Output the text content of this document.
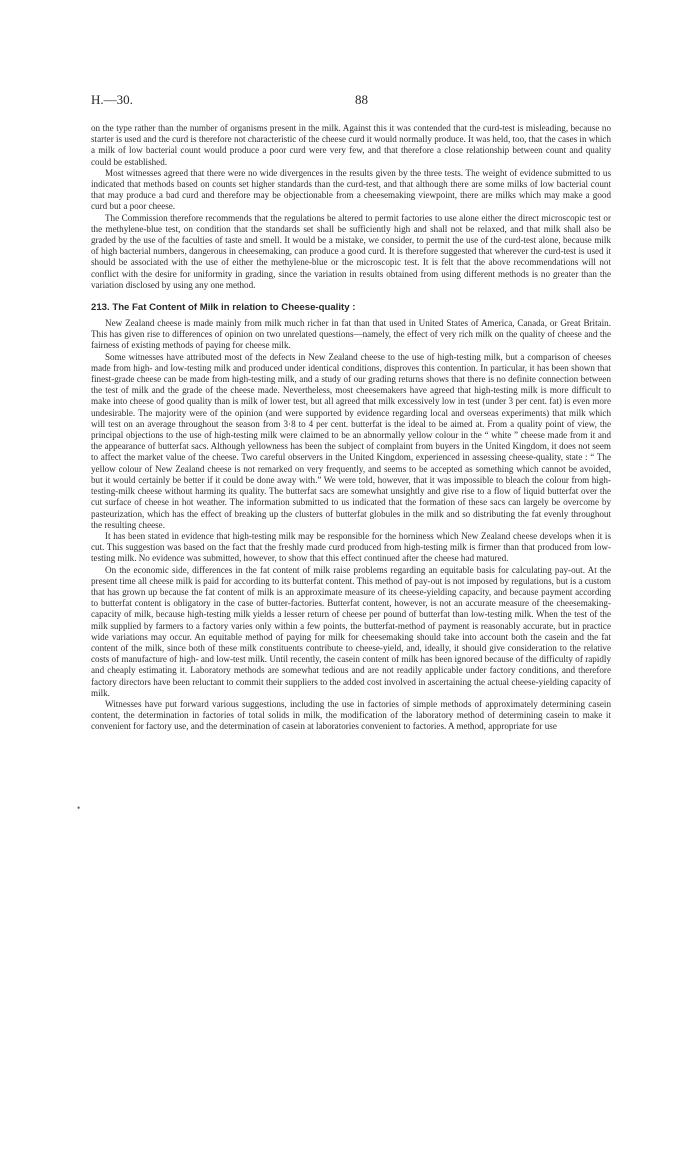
H.—30.	88
•

on the type rather than the number of organisms present in the milk. Against this it was contended that the curd-test is misleading, because no starter is used and the curd is therefore not characteristic of the cheese curd it would normally produce. It was held, too, that the cases in which a milk of low bacterial count would produce a poor curd were very few, and that therefore a close relationship between count and quality could be established.

Most witnesses agreed that there were no wide divergences in the results given by the three tests. The weight of evidence submitted to us indicated that methods based on counts set higher standards than the curd-test, and that although there are some milks of low bacterial count that may produce a bad curd and therefore may be objectionable from a cheesemaking viewpoint, there are milks which may make a good curd but a poor cheese.

The Commission therefore recommends that the regulations be altered to permit factories to use alone either the direct microscopic test or the methylene-blue test, on condition that the standards set shall be sufficiently high and shall not be relaxed, and that milk shall also be graded by the use of the faculties of taste and smell. It would be a mistake, we consider, to permit the use of the curd-test alone, because milk of high bacterial numbers, dangerous in cheesemaking, can produce a good curd. It is therefore suggested that wherever the curd-test is used it should be associated with the use of either the methylene-blue or the microscopic test. It is felt that the above recommendations will not conflict with the desire for uniformity in grading, since the variation in results obtained from using different methods is no greater than the variation disclosed by using any one method.

213. The Fat Content of Milk in relation to Cheese-quality :

New Zealand cheese is made mainly from milk much richer in fat than that used in United States of America, Canada, or Great Britain. This has given rise to differences of opinion on two unrelated questions—namely, the effect of very rich milk on the quality of cheese and the fairness of existing methods of paying for cheese milk.

Some witnesses have attributed most of the defects in New Zealand cheese to the use of high-testing milk, but a comparison of cheeses made from high- and low-testing milk and produced under identical conditions, disproves this contention. In particular, it has been shown that finest-grade cheese can be made from high-testing milk, and a study of our grading returns shows that there is no definite connection between the test of milk and the grade of the cheese made. Nevertheless, most cheesemakers have agreed that high-testing milk is more difficult to make into cheese of good quality than is milk of lower test, but all agreed that milk excessively low in test (under 3 per cent. fat) is even more undesirable. The majority were of the opinion (and were supported by evidence regarding local and overseas experiments) that milk which will test on an average throughout the season from 3·8 to 4 per cent. butterfat is the ideal to be aimed at. From a quality point of view, the principal objections to the use of high-testing milk were claimed to be an abnormally yellow colour in the “ white ” cheese made from it and the appearance of butterfat sacs. Although yellowness has been the subject of complaint from buyers in the United Kingdom, it does not seem to affect the market value of the cheese. Two careful observers in the United Kingdom, experienced in assessing cheese-quality, state : “ The yellow colour of New Zealand cheese is not remarked on very frequently, and seems to be accepted as something which cannot be avoided, but it would certainly be better if it could be done away with.” We were told, however, that it was impossible to bleach the colour from high-testing-milk cheese without harming its quality. The butterfat sacs are somewhat unsightly and give rise to a flow of liquid butterfat over the cut surface of cheese in hot weather. The information submitted to us indicated that the formation of these sacs can largely be overcome by pasteurization, which has the effect of breaking up the clusters of butterfat globules in the milk and so distributing the fat evenly throughout the resulting cheese.

It has been stated in evidence that high-testing milk may be responsible for the horniness which New Zealand cheese develops when it is cut. This suggestion was based on the fact that the freshly made curd produced from high-testing milk is firmer than that produced from low-testing milk. No evidence was submitted, however, to show that this effect continued after the cheese had matured.

On the economic side, differences in the fat content of milk raise problems regarding an equitable basis for calculating pay-out. At the present time all cheese milk is paid for according to its butterfat content. This method of pay-out is not imposed by regulations, but is a custom that has grown up because the fat content of milk is an approximate measure of its cheese-yielding capacity, and because payment according to butterfat content is obligatory in the case of butter-factories. Butterfat content, however, is not an accurate measure of the cheesemaking-capacity of milk, because high-testing milk yields a lesser return of cheese per pound of butterfat than low-testing milk. When the test of the milk supplied by farmers to a factory varies only within a few points, the butterfat-method of payment is reasonably accurate, but in practice wide variations may occur. An equitable method of paying for milk for cheesemaking should take into account both the casein and the fat content of the milk, since both of these milk constituents contribute to cheese-yield, and, ideally, it should give consideration to the relative costs of manufacture of high- and low-test milk. Until recently, the casein content of milk has been ignored because of the difficulty of rapidly and cheaply estimating it. Laboratory methods are somewhat tedious and are not readily applicable under factory conditions, and therefore factory directors have been reluctant to commit their suppliers to the added cost involved in ascertaining the actual cheese-yielding capacity of milk.

Witnesses have put forward various suggestions, including the use in factories of simple methods of approximately determining casein content, the determination in factories of total solids in milk, the modification of the laboratory method of determining casein to make it convenient for factory use, and the determination of casein at laboratories convenient to factories. A method, appropriate for use
